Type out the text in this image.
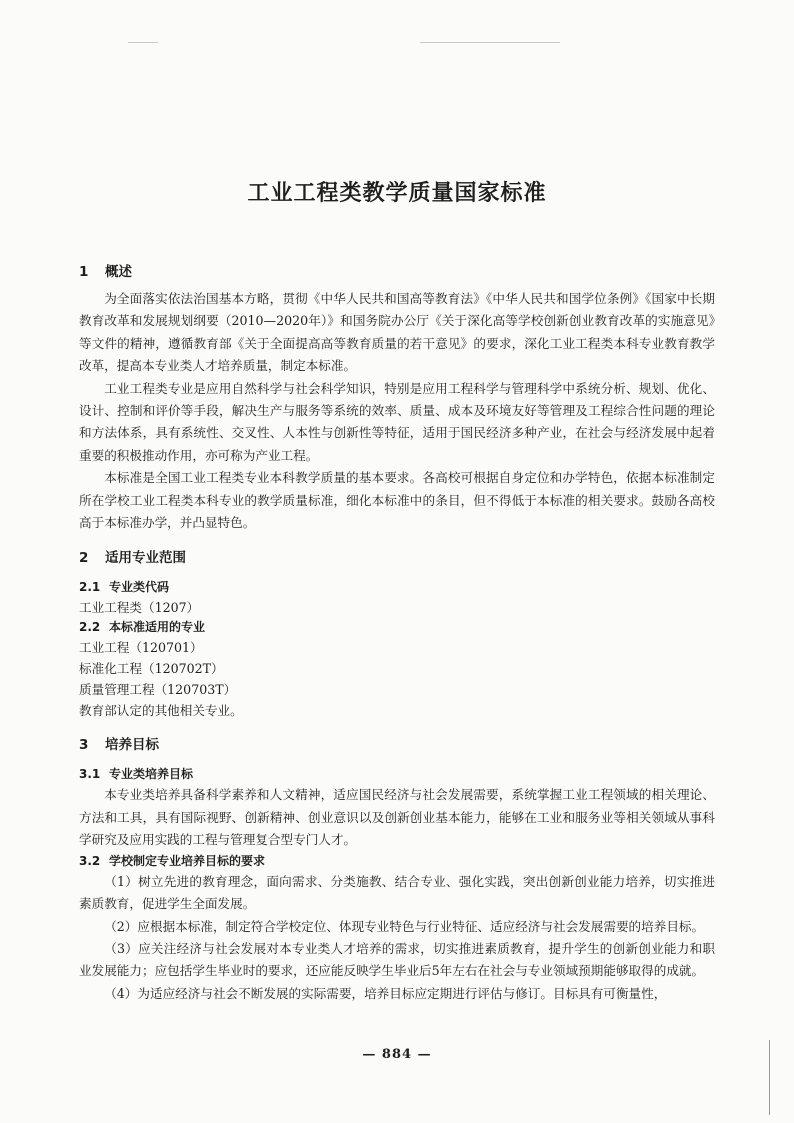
工业工程类教学质量国家标准
1 概述

为全面落实依法治国基本方略，贯彻《中华人民共和国高等教育法》《中华人民共和国学位条例》《国家中长期教育改革和发展规划纲要（2010—2020年）》和国务院办公厅《关于深化高等学校创新创业教育改革的实施意见》等文件的精神，遵循教育部《关于全面提高高等教育质量的若干意见》的要求，深化工业工程类本科专业教育教学改革，提高本专业类人才培养质量，制定本标准。

工业工程类专业是应用自然科学与社会科学知识，特别是应用工程科学与管理科学中系统分析、规划、优化、设计、控制和评价等手段，解决生产与服务等系统的效率、质量、成本及环境友好等管理及工程综合性问题的理论和方法体系，具有系统性、交叉性、人本性与创新性等特征，适用于国民经济多种产业，在社会与经济发展中起着重要的积极推动作用，亦可称为产业工程。

本标准是全国工业工程类专业本科教学质量的基本要求。各高校可根据自身定位和办学特色，依据本标准制定所在学校工业工程类本科专业的教学质量标准，细化本标准中的条目，但不得低于本标准的相关要求。鼓励各高校高于本标准办学，并凸显特色。

2 适用专业范围
2.1 专业类代码

工业工程类（1207）

2.2 本标准适用的专业

工业工程（120701）

标准化工程（120702T）

质量管理工程（120703T）

教育部认定的其他相关专业。

3 培养目标
3.1 专业类培养目标

本专业类培养具备科学素养和人文精神，适应国民经济与社会发展需要，系统掌握工业工程领域的相关理论、方法和工具，具有国际视野、创新精神、创业意识以及创新创业基本能力，能够在工业和服务业等相关领域从事科学研究及应用实践的工程与管理复合型专门人才。

3.2 学校制定专业培养目标的要求

（1）树立先进的教育理念，面向需求、分类施教、结合专业、强化实践，突出创新创业能力培养，切实推进素质教育，促进学生全面发展。

（2）应根据本标准，制定符合学校定位、体现专业特色与行业特征、适应经济与社会发展需要的培养目标。

（3）应关注经济与社会发展对本专业类人才培养的需求，切实推进素质教育，提升学生的创新创业能力和职业发展能力；应包括学生毕业时的要求，还应能反映学生毕业后5年左右在社会与专业领域预期能够取得的成就。

（4）为适应经济与社会不断发展的实际需要，培养目标应定期进行评估与修订。目标具有可衡量性，

— 884 —
